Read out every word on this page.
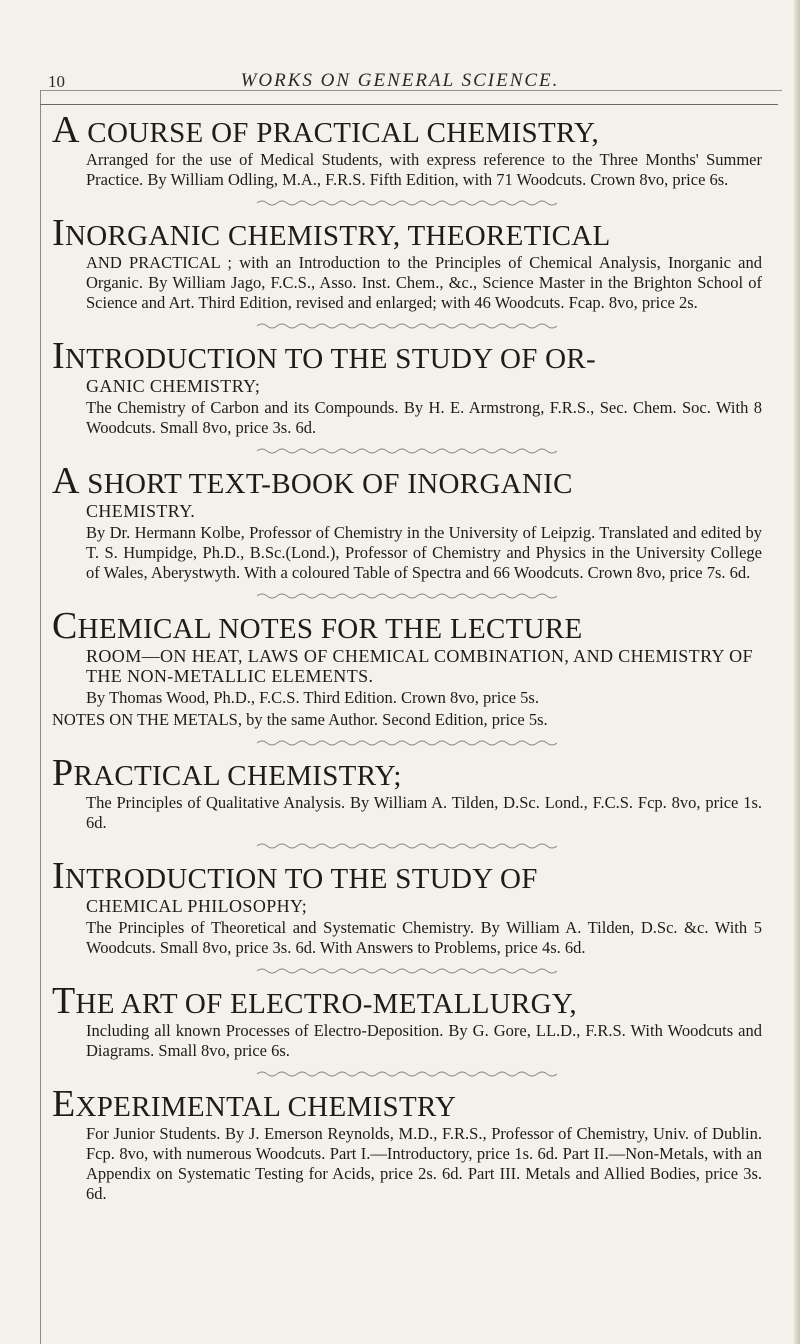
10	WORKS ON GENERAL SCIENCE.

A COURSE OF PRACTICAL CHEMISTRY,

Arranged for the use of Medical Students, with express reference to the Three Months' Summer Practice. By William Odling, M.A., F.R.S. Fifth Edition, with 71 Woodcuts. Crown 8vo, price 6s.

INORGANIC CHEMISTRY, THEORETICAL

AND PRACTICAL ; with an Introduction to the Principles of Chemical Analysis, Inorganic and Organic. By William Jago, F.C.S., Asso. Inst. Chem., &c., Science Master in the Brighton School of Science and Art. Third Edition, revised and enlarged; with 46 Woodcuts. Fcap. 8vo, price 2s.

INTRODUCTION TO THE STUDY OF OR-

GANIC CHEMISTRY;

The Chemistry of Carbon and its Compounds. By H. E. Armstrong, F.R.S., Sec. Chem. Soc. With 8 Woodcuts. Small 8vo, price 3s. 6d.

A SHORT TEXT-BOOK OF INORGANIC

CHEMISTRY.

By Dr. Hermann Kolbe, Professor of Chemistry in the University of Leipzig. Translated and edited by T. S. Humpidge, Ph.D., B.Sc.(Lond.), Professor of Chemistry and Physics in the University College of Wales, Aberystwyth. With a coloured Table of Spectra and 66 Woodcuts. Crown 8vo, price 7s. 6d.

CHEMICAL NOTES FOR THE LECTURE

ROOM—ON HEAT, LAWS OF CHEMICAL COMBINATION, AND CHEMISTRY OF THE NON-METALLIC ELEMENTS.

By Thomas Wood, Ph.D., F.C.S. Third Edition. Crown 8vo, price 5s.

NOTES ON THE METALS, by the same Author. Second Edition, price 5s.

PRACTICAL CHEMISTRY;

The Principles of Qualitative Analysis. By William A. Tilden, D.Sc. Lond., F.C.S. Fcp. 8vo, price 1s. 6d.

INTRODUCTION TO THE STUDY OF

CHEMICAL PHILOSOPHY;

The Principles of Theoretical and Systematic Chemistry. By William A. Tilden, D.Sc. &c. With 5 Woodcuts. Small 8vo, price 3s. 6d. With Answers to Problems, price 4s. 6d.

THE ART OF ELECTRO-METALLURGY,

Including all known Processes of Electro-Deposition. By G. Gore, LL.D., F.R.S. With Woodcuts and Diagrams. Small 8vo, price 6s.

EXPERIMENTAL CHEMISTRY

For Junior Students. By J. Emerson Reynolds, M.D., F.R.S., Professor of Chemistry, Univ. of Dublin. Fcp. 8vo, with numerous Woodcuts. Part I.—Introductory, price 1s. 6d. Part II.—Non-Metals, with an Appendix on Systematic Testing for Acids, price 2s. 6d. Part III. Metals and Allied Bodies, price 3s. 6d.
